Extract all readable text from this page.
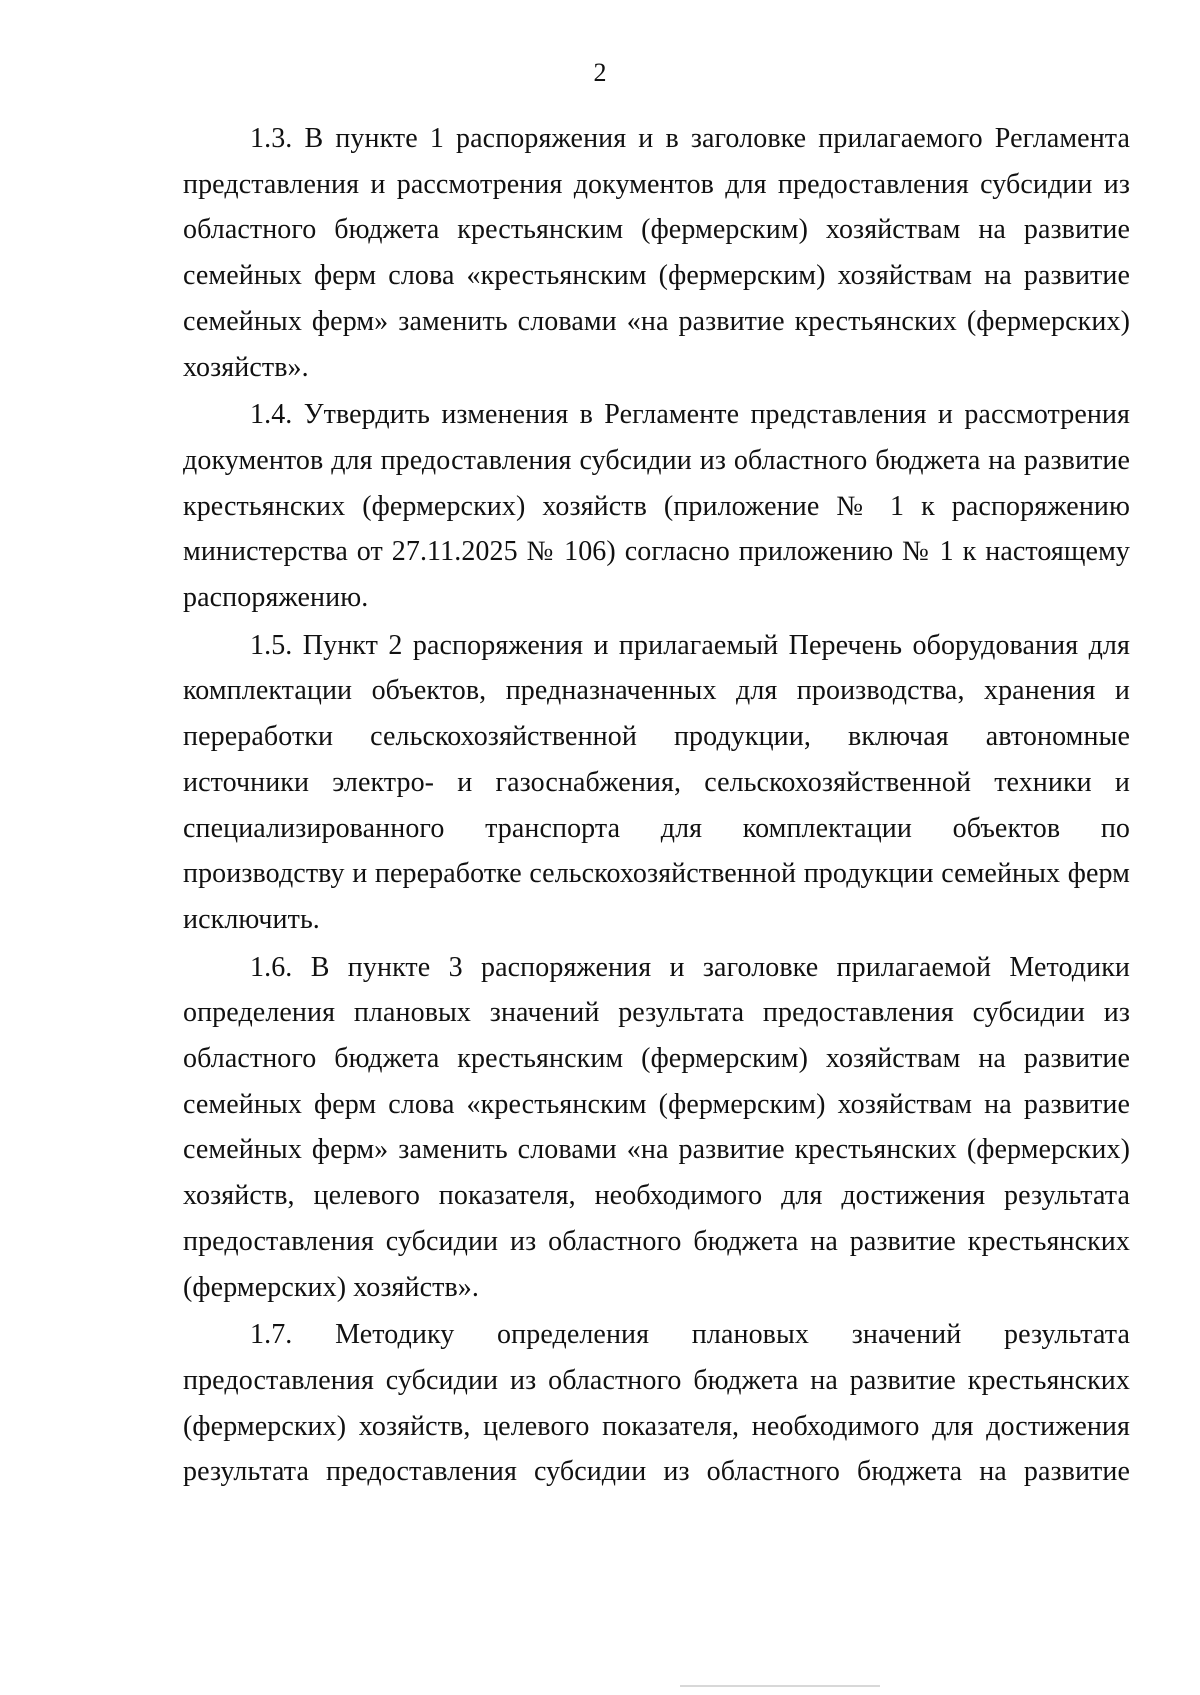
2

1.3. В пункте 1 распоряжения и в заголовке прилагаемого Регламента представления и рассмотрения документов для предоставления субсидии из областного бюджета крестьянским (фермерским) хозяйствам на развитие семейных ферм слова «крестьянским (фермерским) хозяйствам на развитие семейных ферм» заменить словами «на развитие крестьянских (фермерских) хозяйств».

1.4. Утвердить изменения в Регламенте представления и рассмотрения документов для предоставления субсидии из областного бюджета на развитие крестьянских (фермерских) хозяйств (приложение № 1 к распоряжению министерства от 27.11.2025 № 106) согласно приложению № 1 к настоящему распоряжению.

1.5. Пункт 2 распоряжения и прилагаемый Перечень оборудования для комплектации объектов, предназначенных для производства, хранения и переработки сельскохозяйственной продукции, включая автономные источники электро- и газоснабжения, сельскохозяйственной техники и специализированного транспорта для комплектации объектов по производству и переработке сельскохозяйственной продукции семейных ферм исключить.

1.6. В пункте 3 распоряжения и заголовке прилагаемой Методики определения плановых значений результата предоставления субсидии из областного бюджета крестьянским (фермерским) хозяйствам на развитие семейных ферм слова «крестьянским (фермерским) хозяйствам на развитие семейных ферм» заменить словами «на развитие крестьянских (фермерских) хозяйств, целевого показателя, необходимого для достижения результата предоставления субсидии из областного бюджета на развитие крестьянских (фермерских) хозяйств».

1.7. Методику определения плановых значений результата предоставления субсидии из областного бюджета на развитие крестьянских (фермерских) хозяйств, целевого показателя, необходимого для достижения результата предоставления субсидии из областного бюджета на развитие
